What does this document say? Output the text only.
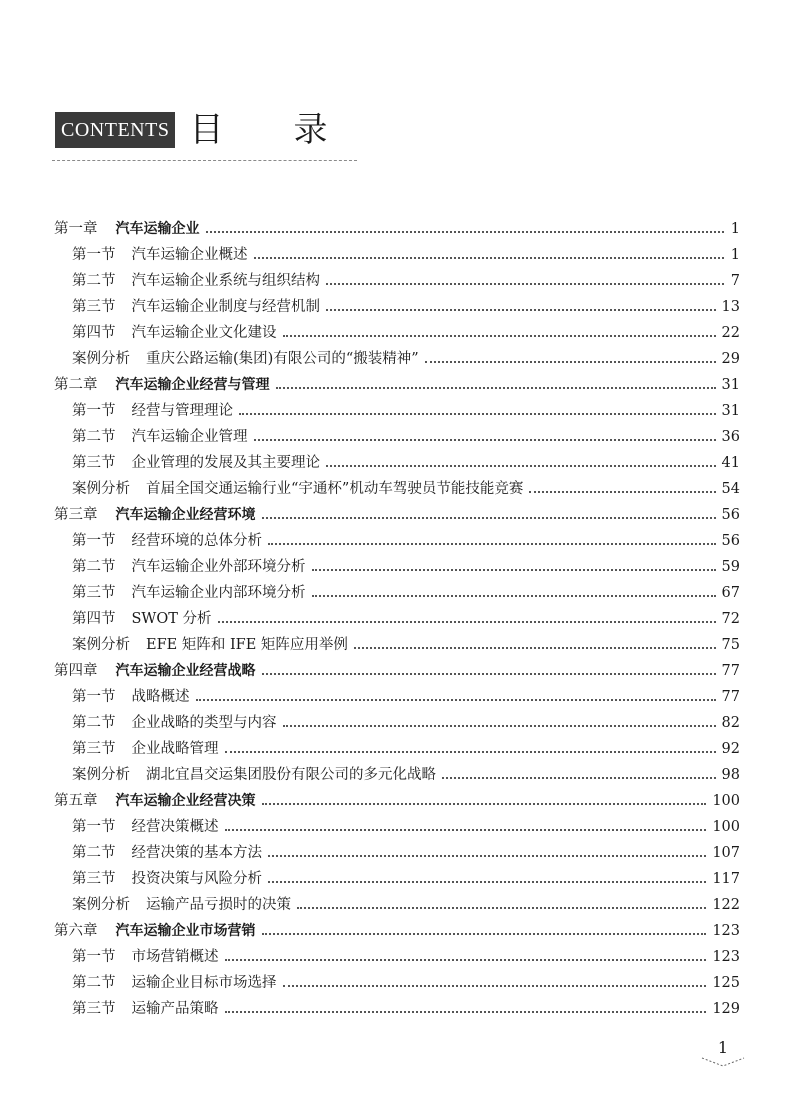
CONTENTS 目录
第一章	汽车运输企业	1
第一节	汽车运输企业概述	1
第二节	汽车运输企业系统与组织结构	7
第三节	汽车运输企业制度与经营机制	13
第四节	汽车运输企业文化建设	22
案例分析	重庆公路运输(集团)有限公司的“搬装精神”	29
第二章	汽车运输企业经营与管理	31
第一节	经营与管理理论	31
第二节	汽车运输企业管理	36
第三节	企业管理的发展及其主要理论	41
案例分析	首届全国交通运输行业“宇通杯”机动车驾驶员节能技能竞赛	54
第三章	汽车运输企业经营环境	56
第一节	经营环境的总体分析	56
第二节	汽车运输企业外部环境分析	59
第三节	汽车运输企业内部环境分析	67
第四节	SWOT 分析	72
案例分析	EFE 矩阵和 IFE 矩阵应用举例	75
第四章	汽车运输企业经营战略	77
第一节	战略概述	77
第二节	企业战略的类型与内容	82
第三节	企业战略管理	92
案例分析	湖北宜昌交运集团股份有限公司的多元化战略	98
第五章	汽车运输企业经营决策	100
第一节	经营决策概述	100
第二节	经营决策的基本方法	107
第三节	投资决策与风险分析	117
案例分析	运输产品亏损时的决策	122
第六章	汽车运输企业市场营销	123
第一节	市场营销概述	123
第二节	运输企业目标市场选择	125
第三节	运输产品策略	129
1
